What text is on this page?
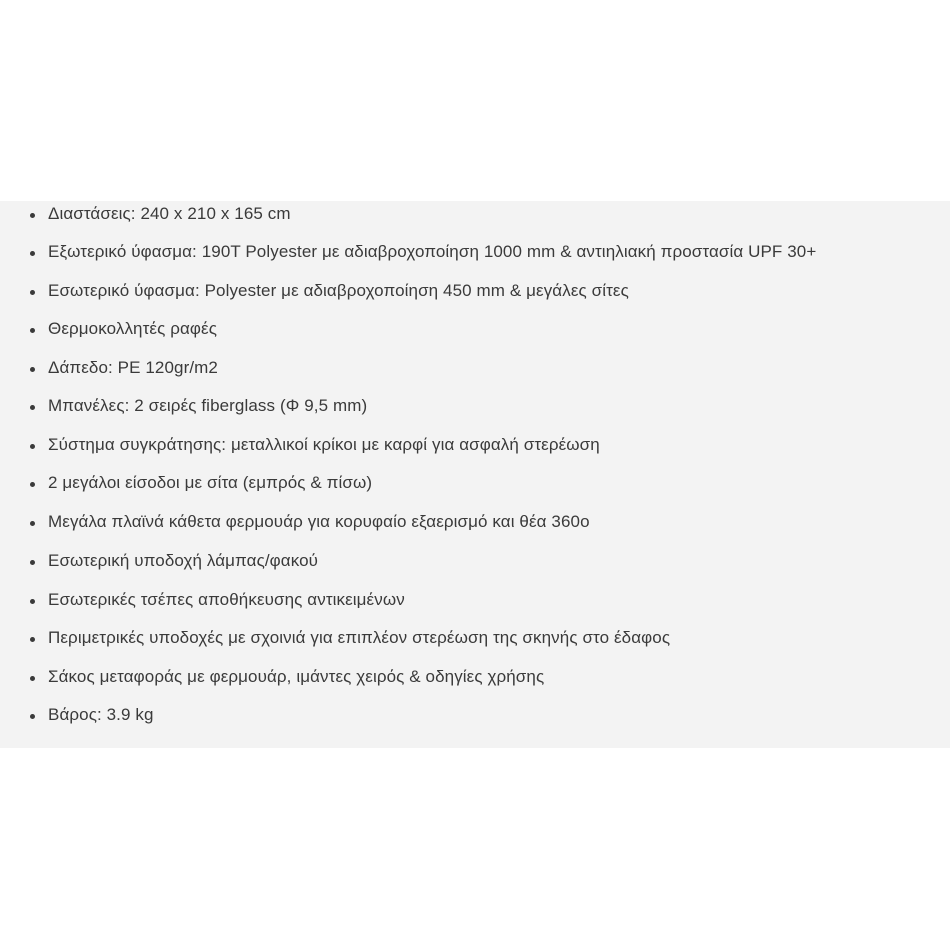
Διαστάσεις: 240 x 210 x 165 cm
Εξωτερικό ύφασμα: 190T Polyester με αδιαβροχοποίηση 1000 mm & αντιηλιακή προστασία UPF 30+
Εσωτερικό ύφασμα: Polyester με αδιαβροχοποίηση 450 mm & μεγάλες σίτες
Θερμοκολλητές ραφές
Δάπεδο: PE 120gr/m2
Μπανέλες: 2 σειρές fiberglass (Φ 9,5 mm)
Σύστημα συγκράτησης: μεταλλικοί κρίκοι με καρφί για ασφαλή στερέωση
2 μεγάλοι είσοδοι με σίτα (εμπρός & πίσω)
Μεγάλα πλαϊνά κάθετα φερμουάρ για κορυφαίο εξαερισμό και θέα 360ο
Εσωτερική υποδοχή λάμπας/φακού
Εσωτερικές τσέπες αποθήκευσης αντικειμένων
Περιμετρικές υποδοχές με σχοινιά για επιπλέον στερέωση της σκηνής στο έδαφος
Σάκος μεταφοράς με φερμουάρ, ιμάντες χειρός & οδηγίες χρήσης
Βάρος: 3.9 kg
